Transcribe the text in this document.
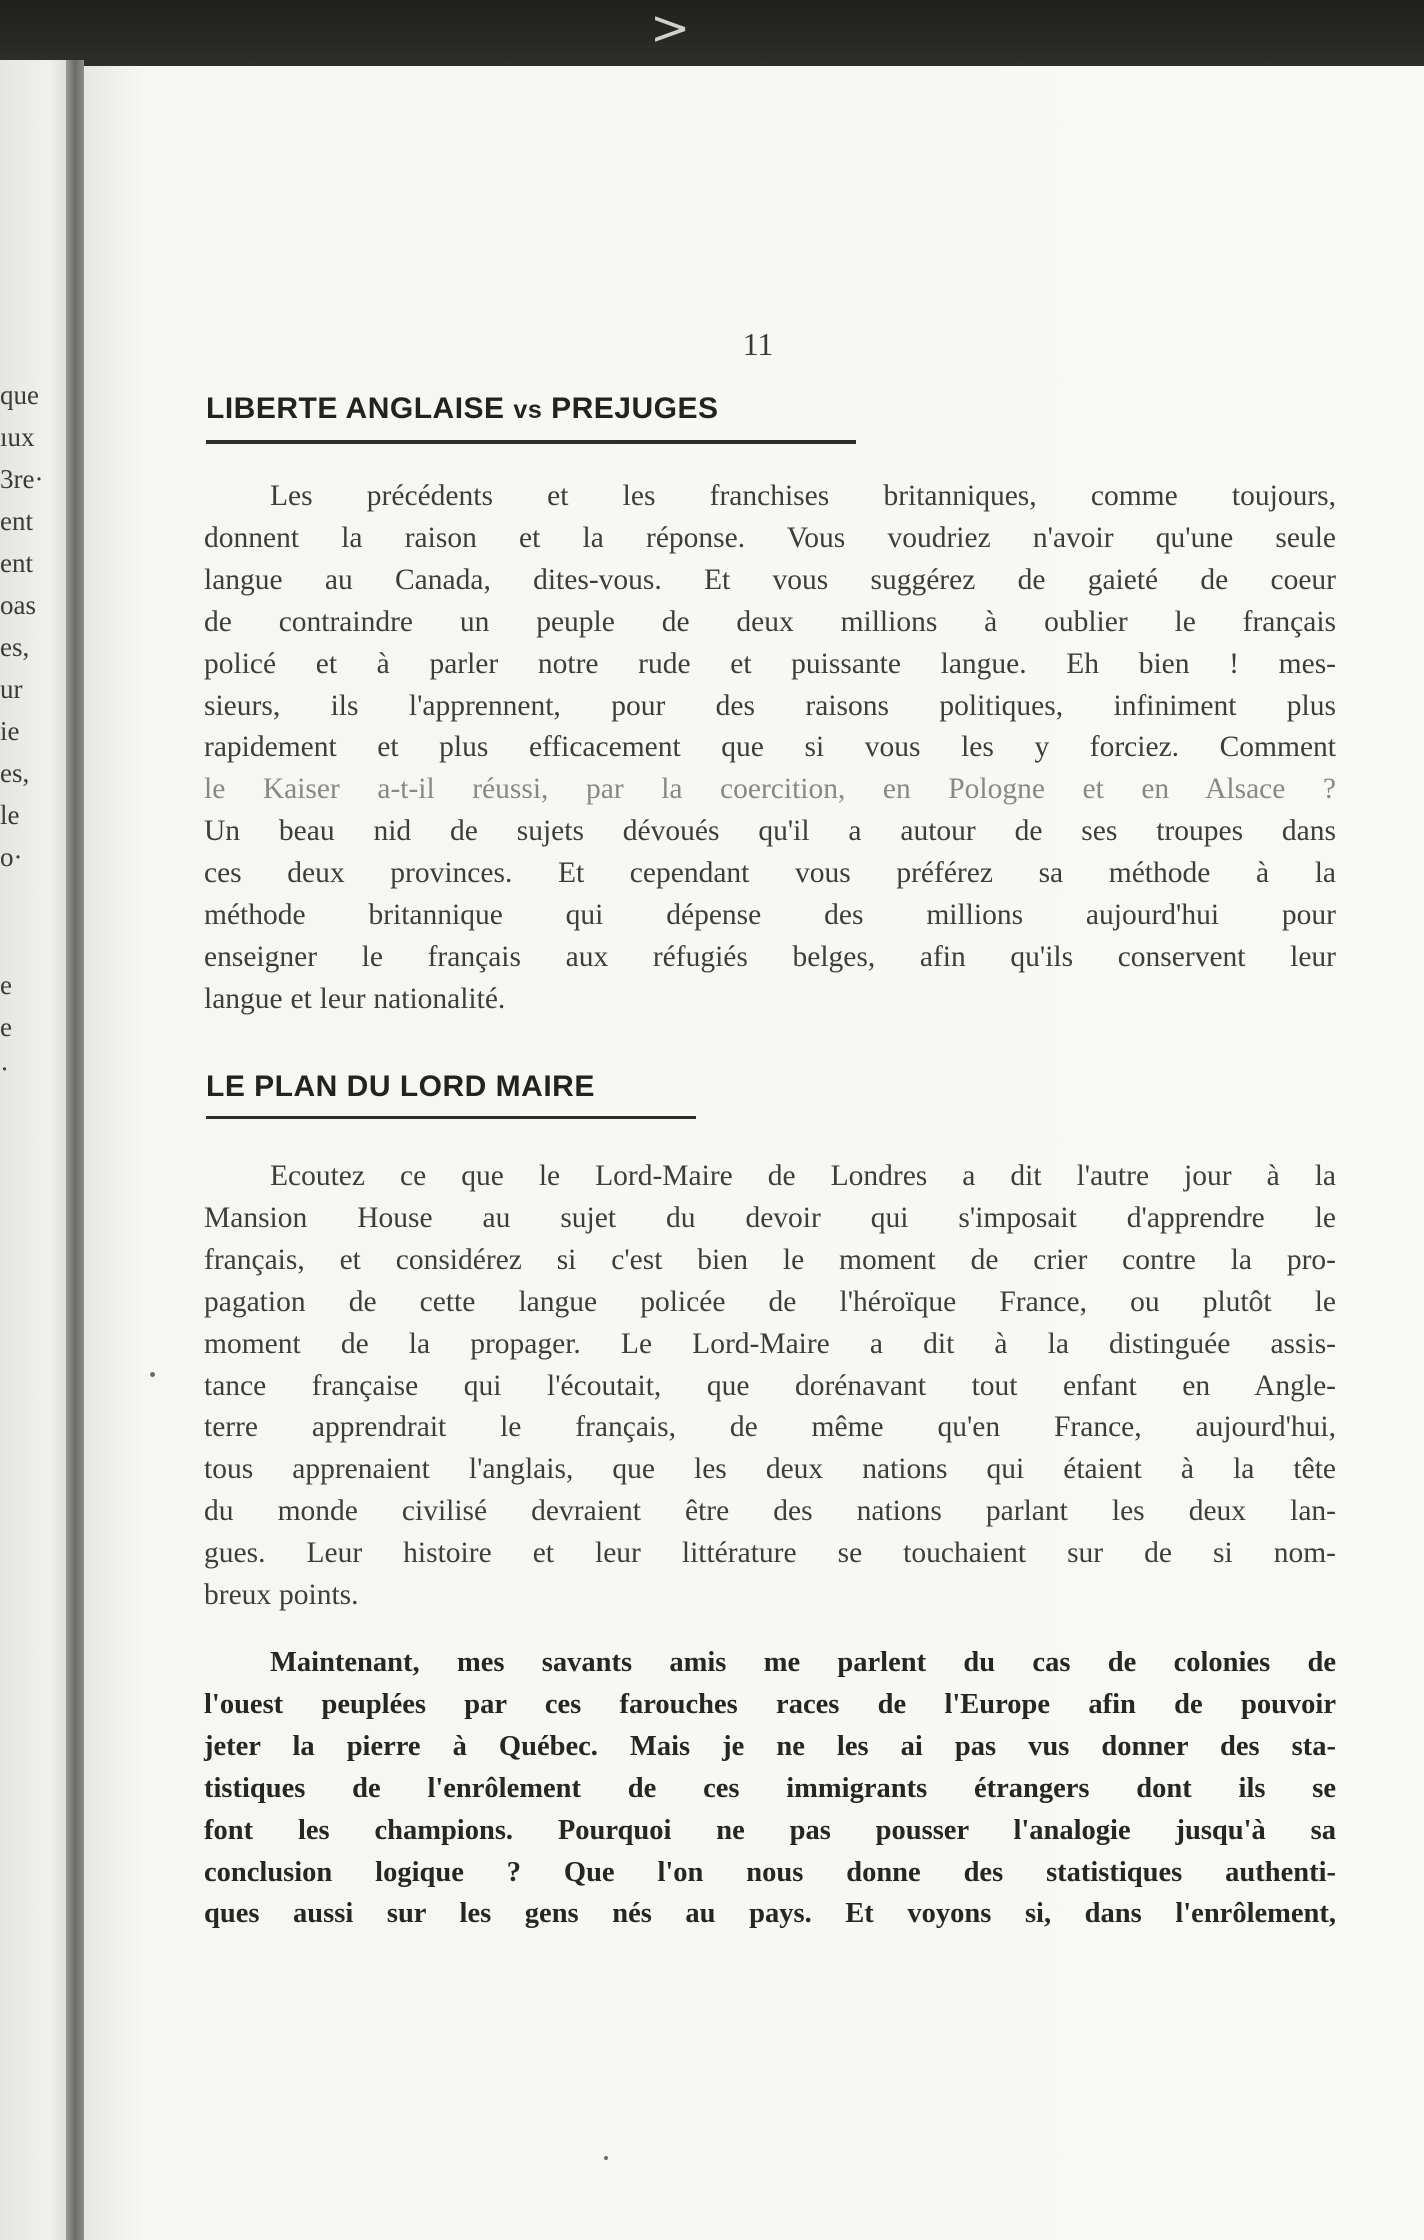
>
que
ıux
3re·
ent
ent
oas
es,
ur
ie
es,
le
o·
e
e
·
11
LIBERTE ANGLAISE vs PREJUGES
Les précédents et les franchises britanniques, comme toujours,
donnent la raison et la réponse. Vous voudriez n'avoir qu'une seule
langue au Canada, dites-vous. Et vous suggérez de gaieté de coeur
de contraindre un peuple de deux millions à oublier le français
policé et à parler notre rude et puissante langue. Eh bien ! mes-
sieurs, ils l'apprennent, pour des raisons politiques, infiniment plus
rapidement et plus efficacement que si vous les y forciez. Comment
le Kaiser a-t-il réussi, par la coercition, en Pologne et en Alsace ?
Un beau nid de sujets dévoués qu'il a autour de ses troupes dans
ces deux provinces. Et cependant vous préférez sa méthode à la
méthode britannique qui dépense des millions aujourd'hui pour
enseigner le français aux réfugiés belges, afin qu'ils conservent leur
langue et leur nationalité.
LE PLAN DU LORD MAIRE
Ecoutez ce que le Lord-Maire de Londres a dit l'autre jour à la
Mansion House au sujet du devoir qui s'imposait d'apprendre le
français, et considérez si c'est bien le moment de crier contre la pro-
pagation de cette langue policée de l'héroïque France, ou plutôt le
moment de la propager. Le Lord-Maire a dit à la distinguée assis-
tance française qui l'écoutait, que dorénavant tout enfant en Angle-
terre apprendrait le français, de même qu'en France, aujourd'hui,
tous apprenaient l'anglais, que les deux nations qui étaient à la tête
du monde civilisé devraient être des nations parlant les deux lan-
gues. Leur histoire et leur littérature se touchaient sur de si nom-
breux points.
Maintenant, mes savants amis me parlent du cas de colonies de
l'ouest peuplées par ces farouches races de l'Europe afin de pouvoir
jeter la pierre à Québec. Mais je ne les ai pas vus donner des sta-
tistiques de l'enrôlement de ces immigrants étrangers dont ils se
font les champions. Pourquoi ne pas pousser l'analogie jusqu'à sa
conclusion logique ? Que l'on nous donne des statistiques authenti-
ques aussi sur les gens nés au pays. Et voyons si, dans l'enrôlement,
